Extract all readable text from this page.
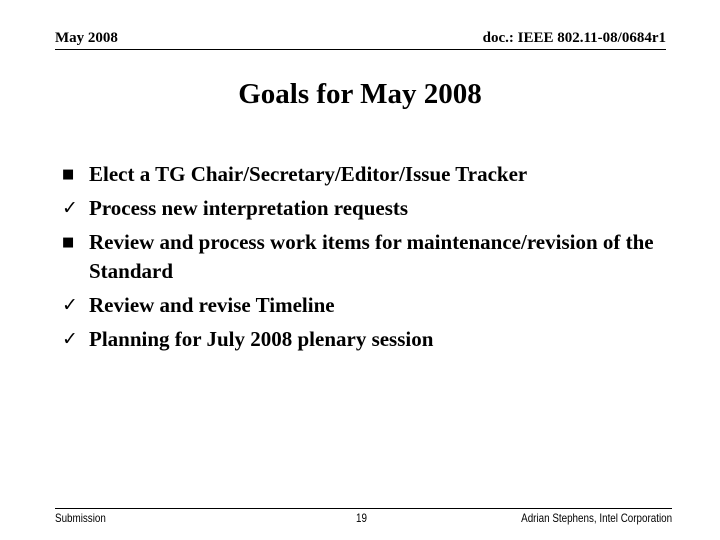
May 2008	doc.: IEEE 802.11-08/0684r1
Goals for May 2008
■ Elect a TG Chair/Secretary/Editor/Issue Tracker
✓ Process new interpretation requests
■ Review and process work items for maintenance/revision of the Standard
✓ Review and revise Timeline
✓ Planning for July 2008 plenary session
Submission	19	Adrian Stephens, Intel Corporation
